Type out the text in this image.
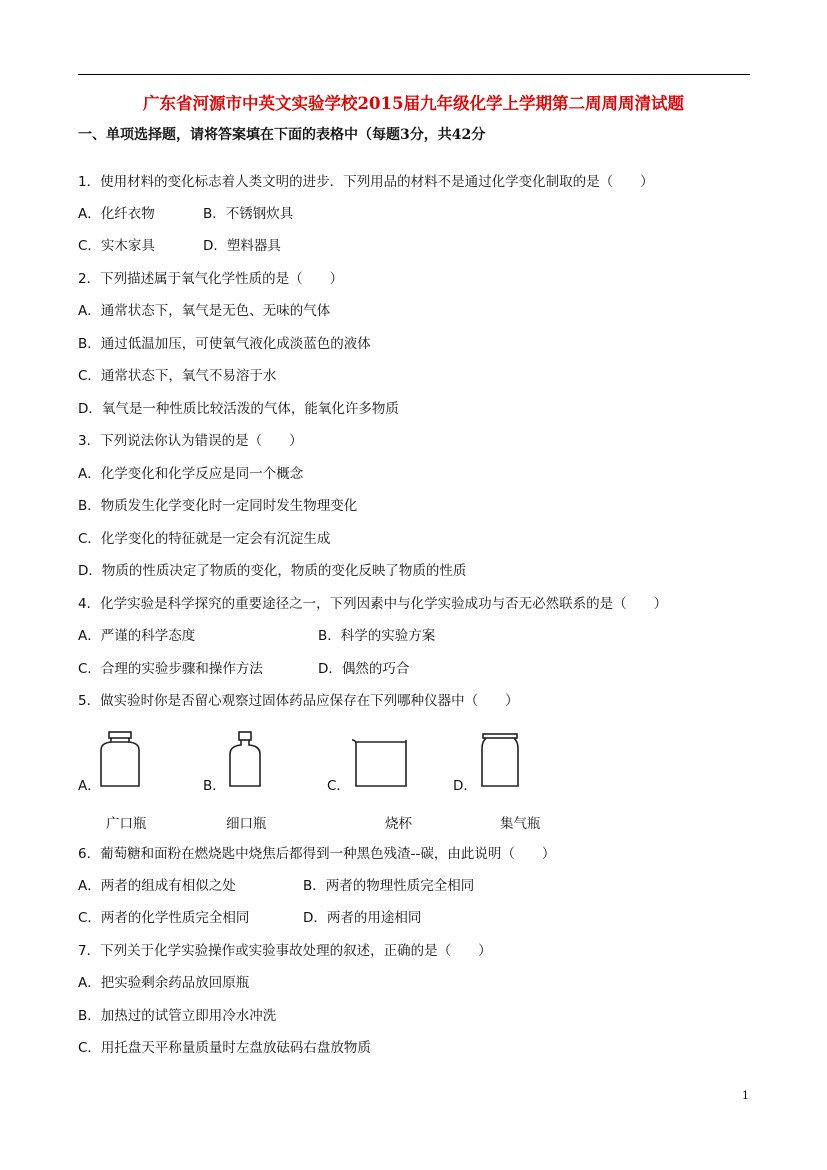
广东省河源市中英文实验学校2015届九年级化学上学期第二周周周清试题
一、单项选择题，请将答案填在下面的表格中（每题3分，共42分
1．使用材料的变化标志着人类文明的进步．下列用品的材料不是通过化学变化制取的是（　　）
A．化纤衣物	B．不锈钢炊具
C．实木家具	D．塑料器具
2．下列描述属于氧气化学性质的是（　　）
A．通常状态下，氧气是无色、无味的气体
B．通过低温加压，可使氧气液化成淡蓝色的液体
C．通常状态下，氧气不易溶于水
D．氧气是一种性质比较活泼的气体，能氧化许多物质
3．下列说法你认为错误的是（　　）
A．化学变化和化学反应是同一个概念
B．物质发生化学变化时一定同时发生物理变化
C．化学变化的特征就是一定会有沉淀生成
D．物质的性质决定了物质的变化，物质的变化反映了物质的性质
4．化学实验是科学探究的重要途径之一，下列因素中与化学实验成功与否无必然联系的是（　　）
A．严谨的科学态度	B．科学的实验方案
C．合理的实验步骤和操作方法	D．偶然的巧合
5．做实验时你是否留心观察过固体药品应保存在下列哪种仪器中（　　）
A．
广口瓶
B．
细口瓶
C．
烧杯
D．
集气瓶
6．葡萄糖和面粉在燃烧匙中烧焦后都得到一种黑色残渣--碳，由此说明（　　）
A．两者的组成有相似之处	B．两者的物理性质完全相同
C．两者的化学性质完全相同	D．两者的用途相同
7．下列关于化学实验操作或实验事故处理的叙述，正确的是（　　）
A．把实验剩余药品放回原瓶
B．加热过的试管立即用冷水冲洗
C．用托盘天平称量质量时左盘放砝码右盘放物质
1
